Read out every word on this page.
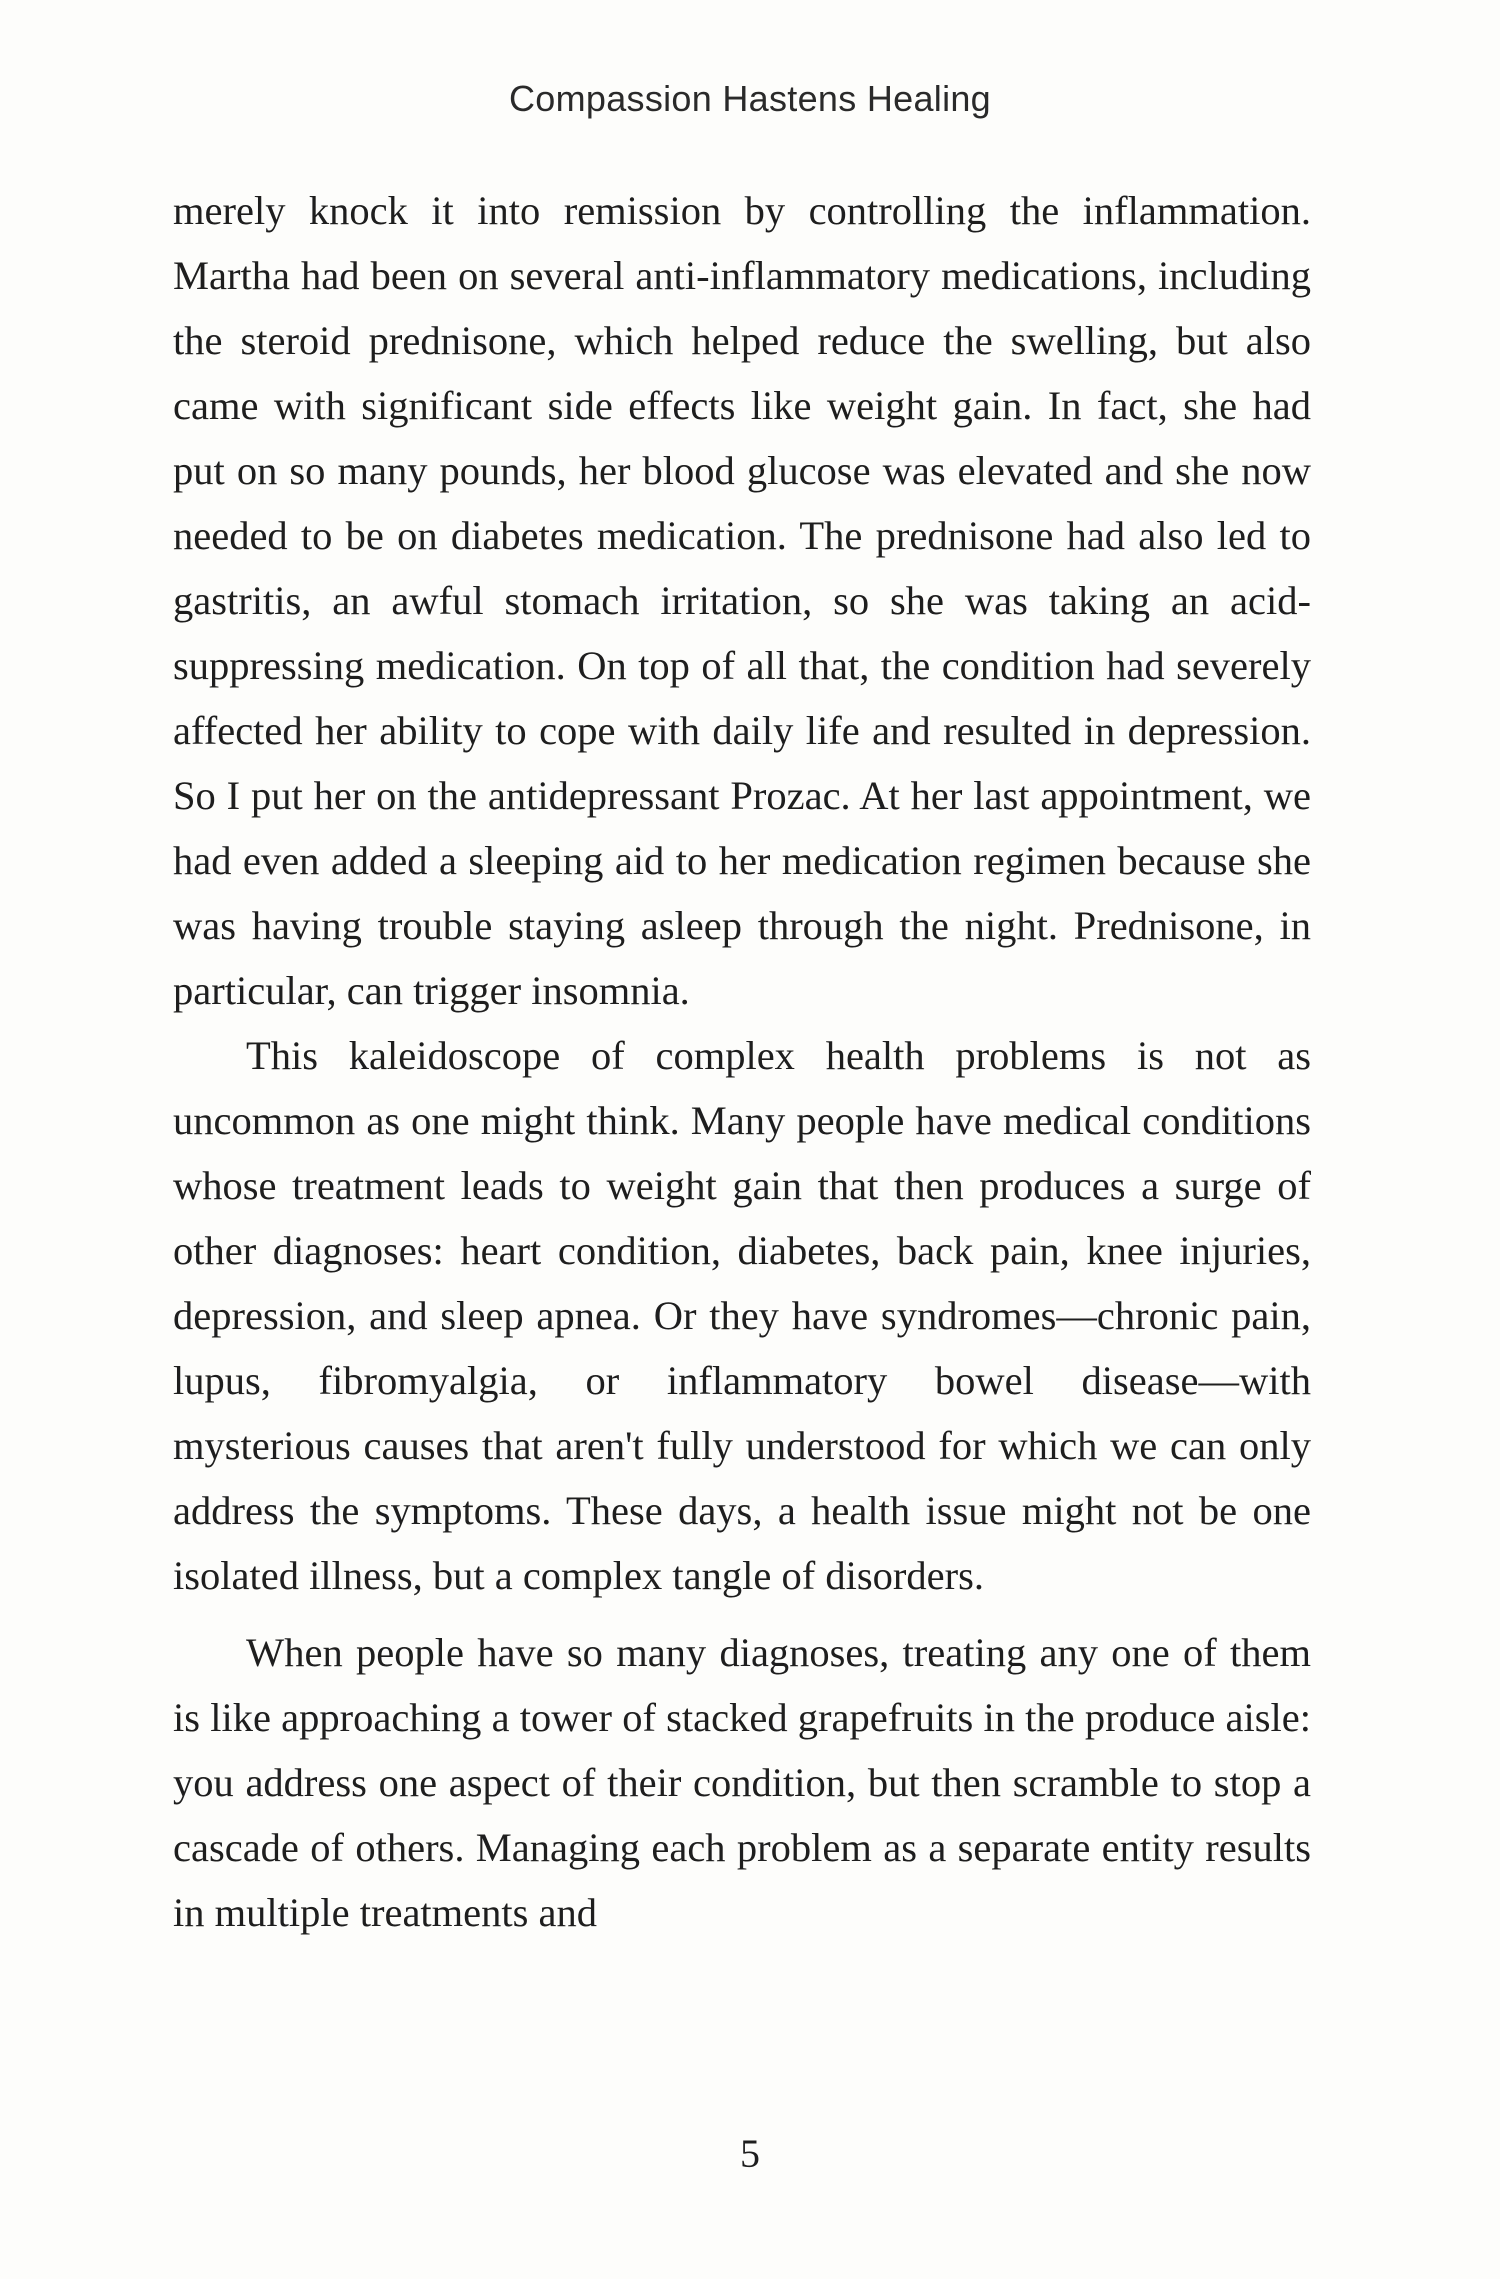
Compassion Hastens Healing

merely knock it into remission by controlling the inflammation. Martha had been on several anti-inflammatory medications, including the steroid prednisone, which helped reduce the swelling, but also came with significant side effects like weight gain. In fact, she had put on so many pounds, her blood glucose was elevated and she now needed to be on diabetes medication. The prednisone had also led to gastritis, an awful stomach irritation, so she was taking an acid-suppressing medication. On top of all that, the condition had severely affected her ability to cope with daily life and resulted in depression. So I put her on the antidepressant Prozac. At her last appointment, we had even added a sleeping aid to her medication regimen because she was having trouble staying asleep through the night. Prednisone, in particular, can trigger insomnia.

This kaleidoscope of complex health problems is not as uncommon as one might think. Many people have medical conditions whose treatment leads to weight gain that then produces a surge of other diagnoses: heart condition, diabetes, back pain, knee injuries, depression, and sleep apnea. Or they have syndromes—chronic pain, lupus, fibromyalgia, or inflammatory bowel disease—with mysterious causes that aren't fully understood for which we can only address the symptoms. These days, a health issue might not be one isolated illness, but a complex tangle of disorders.

When people have so many diagnoses, treating any one of them is like approaching a tower of stacked grapefruits in the produce aisle: you address one aspect of their condition, but then scramble to stop a cascade of others. Managing each problem as a separate entity results in multiple treatments and

5
